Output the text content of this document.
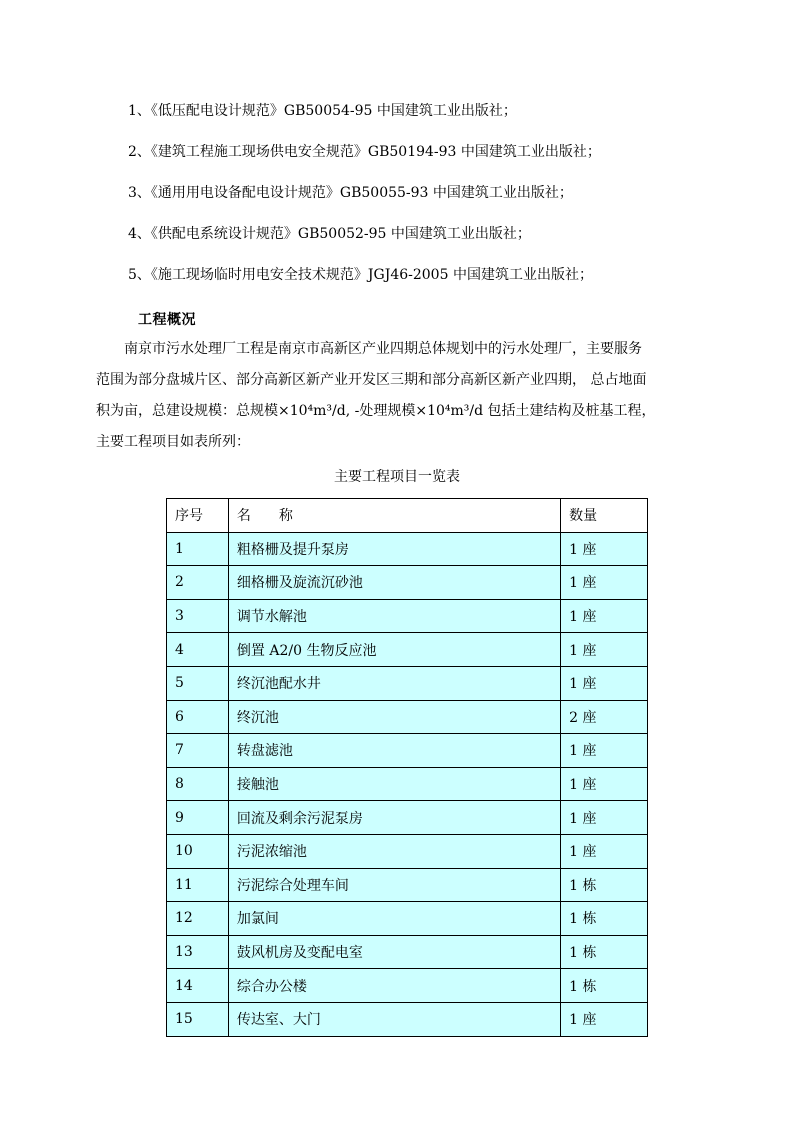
1、《低压配电设计规范》GB50054-95 中国建筑工业出版社；
2、《建筑工程施工现场供电安全规范》GB50194-93 中国建筑工业出版社；
3、《通用用电设备配电设计规范》GB50055-93 中国建筑工业出版社；
4、《供配电系统设计规范》GB50052-95 中国建筑工业出版社；
5、《施工现场临时用电安全技术规范》JGJ46-2005 中国建筑工业出版社；
工程概况
南京市污水处理厂工程是南京市高新区产业四期总体规划中的污水处理厂，主要服务
范围为部分盘城片区、部分高新区新产业开发区三期和部分高新区新产业四期， 总占地面
积为亩，总建设规模：总规模×10⁴m³/d, -处理规模×10⁴m³/d 包括土建结构及桩基工程，
主要工程项目如表所列：
主要工程项目一览表
序号	名　　称	数量
1	粗格栅及提升泵房	1 座
2	细格栅及旋流沉砂池	1 座
3	调节水解池	1 座
4	倒置 A2/0 生物反应池	1 座
5	终沉池配水井	1 座
6	终沉池	2 座
7	转盘滤池	1 座
8	接触池	1 座
9	回流及剩余污泥泵房	1 座
10	污泥浓缩池	1 座
11	污泥综合处理车间	1 栋
12	加氯间	1 栋
13	鼓风机房及变配电室	1 栋
14	综合办公楼	1 栋
15	传达室、大门	1 座
